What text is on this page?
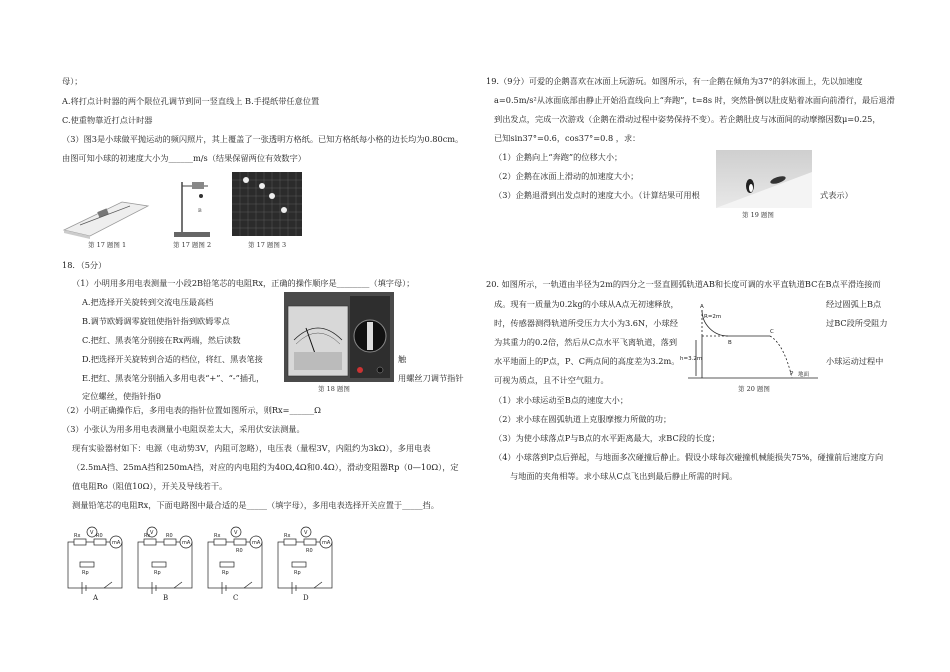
母）；
A.将打点计时器的两个限位孔调节到同一竖直线上 B.手提纸带任意位置
C.使重物靠近打点计时器
（3）图3是小球做平抛运动的频闪照片，其上覆盖了一张透明方格纸。已知方格纸每小格的边长均为0.80cm。
由图可知小球的初速度大小为______m/s（结果保留两位有效数字）
第 17 题图 1
B
第 17 题图 2	第 17 题图 3
18．（5分）
（1）小明用多用电表测量一小段2B铅笔芯的电阻Rx，正确的操作顺序是________（填字母）；
A.把选择开关旋转到交流电压最高档
B.调节欧姆调零旋钮使指针指到欧姆零点
C.把红、黑表笔分别接在Rx两端，然后读数
D.把选择开关旋转到合适的档位，将红、黑表笔接
E.把红、黑表笔分别插入多用电表“+”、“-”插孔，
定位螺丝，使指针指0
触
用螺丝刀调节指针
第 18 题图
（2）小明正确操作后，多用电表的指针位置如图所示，则Rx=______Ω
（3）小张认为用多用电表测量小电阻误差太大，采用伏安法测量。
现有实验器材如下：电源（电动势3V，内阻可忽略），电压表（量程3V，内阻约为3kΩ），多用电表
（2.5mA挡、25mA挡和250mA挡，对应的内电阻约为40Ω,4Ω和0.4Ω），滑动变阻器Rp（0—10Ω），定
值电阻Ro（阻值10Ω），开关及导线若干。
测量铅笔芯的电阻Rx，下面电路图中最合适的是_____（填字母），多用电表选择开关应置于_____挡。
V
mA
V
mA
V
mA
V
mA
Rx	R0
Rp
Rx	R0
Rp
Rx
R0
Rp
Rx
R0
Rp
A	B	C	D
19.（9分）可爱的企鹅喜欢在冰面上玩游玩。如图所示，有一企鹅在倾角为37°的斜冰面上，先以加速度
a=0.5m/s²从冰面底部由静止开始沿直线向上“奔跑”，t=8s 时，突然卧倒以肚皮贴着冰面向前滑行，最后退滑
到出发点，完成一次游戏（企鹅在滑动过程中姿势保持不变）。若企鹅肚皮与冰面间的动摩擦因数μ=0.25，
已知sin37°=0.6，cos37°=0.8 ，求：
（1）企鹅向上“奔跑”的位移大小；
（2）企鹅在冰面上滑动的加速度大小；
（3）企鹅退滑到出发点时的速度大小。（计算结果可用根	式表示）
第 19 题图
20. 如图所示，一轨道由半径为2m的四分之一竖直圆弧轨道AB和长度可调的水平直轨道BC在B点平滑连接而
成。现有一质量为0.2kg的小球从A点无初速释放，
时，传感器测得轨道所受压力大小为3.6N，小球经
为其重力的0.2倍，然后从C点水平飞离轨道，落到
水平地面上的P点，P、C两点间的高度差为3.2m。
可视为质点，且不计空气阻力。
经过圆弧上B点
过BC段所受阻力
小球运动过程中
R=2m
h=3.2m
地面
A
B
C
P
第 20 题图
（1）求小球运动至B点的速度大小；
（2）求小球在圆弧轨道上克服摩擦力所做的功；
（3）为使小球落点P与B点的水平距离最大，求BC段的长度；
（4）小球落到P点后弹起，与地面多次碰撞后静止。假设小球每次碰撞机械能损失75%，碰撞前后速度方向
与地面的夹角相等。求小球从C点飞出到最后静止所需的时间。
